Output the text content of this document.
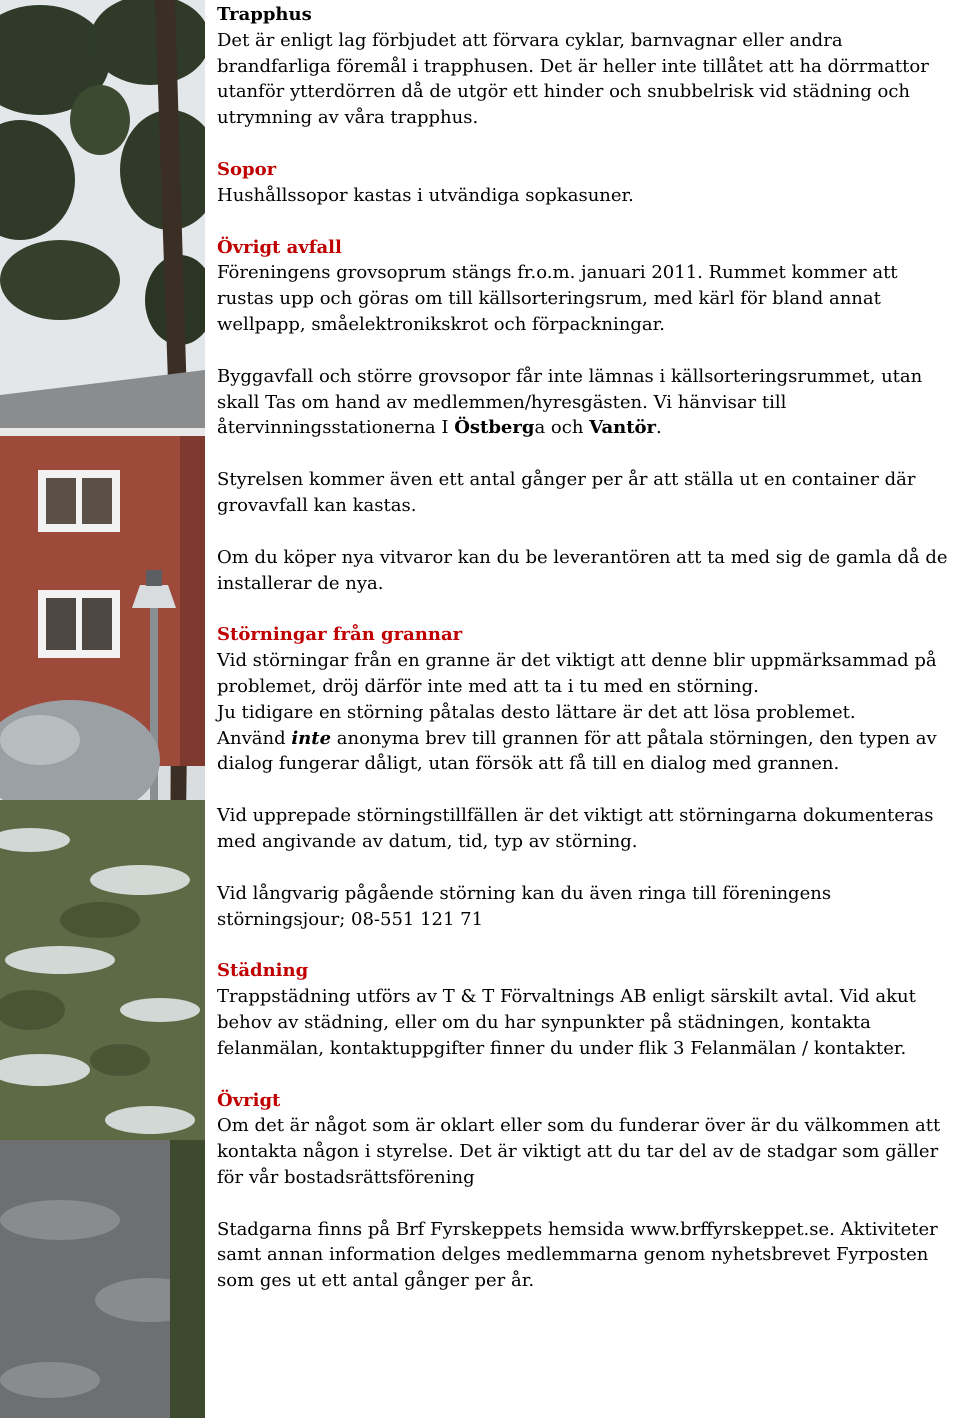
Trapphus

Det är enligt lag förbjudet att förvara cyklar, barnvagnar eller andra brandfarliga föremål i trapphusen. Det är heller inte tillåtet att ha dörrmattor utanför ytterdörren då de utgör ett hinder och snubbelrisk vid städning och utrymning av våra trapphus.

Sopor

Hushållssopor kastas i utvändiga sopkasuner.

Övrigt avfall

Föreningens grovsoprum stängs fr.o.m. januari 2011. Rummet kommer att rustas upp och göras om till källsorteringsrum, med kärl för bland annat wellpapp, småelektronikskrot och förpackningar.

Byggavfall och större grovsopor får inte lämnas i källsorteringsrummet, utan skall Tas om hand av medlemmen/hyresgästen. Vi hänvisar till återvinningsstationerna I Östberga och Vantör.

Styrelsen kommer även ett antal gånger per år att ställa ut en container där grovavfall kan kastas.

Om du köper nya vitvaror kan du be leverantören att ta med sig de gamla då de installerar de nya.

Störningar från grannar

Vid störningar från en granne är det viktigt att denne blir uppmärksammad på problemet, dröj därför inte med att ta i tu med en störning.

Ju tidigare en störning påtalas desto lättare är det att lösa problemet.

Använd inte anonyma brev till grannen för att påtala störningen, den typen av dialog fungerar dåligt, utan försök att få till en dialog med grannen.

Vid upprepade störningstillfällen är det viktigt att störningarna dokumenteras med angivande av datum, tid, typ av störning.

Vid långvarig pågående störning kan du även ringa till föreningens störningsjour; 08-551 121 71

Städning

Trappstädning utförs av T & T Förvaltnings AB enligt särskilt avtal. Vid akut behov av städning, eller om du har synpunkter på städningen, kontakta felanmälan, kontaktuppgifter finner du under flik 3 Felanmälan / kontakter.

Övrigt

Om det är något som är oklart eller som du funderar över är du välkommen att kontakta någon i styrelse. Det är viktigt att du tar del av de stadgar som gäller för vår bostadsrättsförening

Stadgarna finns på Brf Fyrskeppets hemsida www.brffyrskeppet.se. Aktiviteter samt annan information delges medlemmarna genom nyhetsbrevet Fyrposten som ges ut ett antal gånger per år.
